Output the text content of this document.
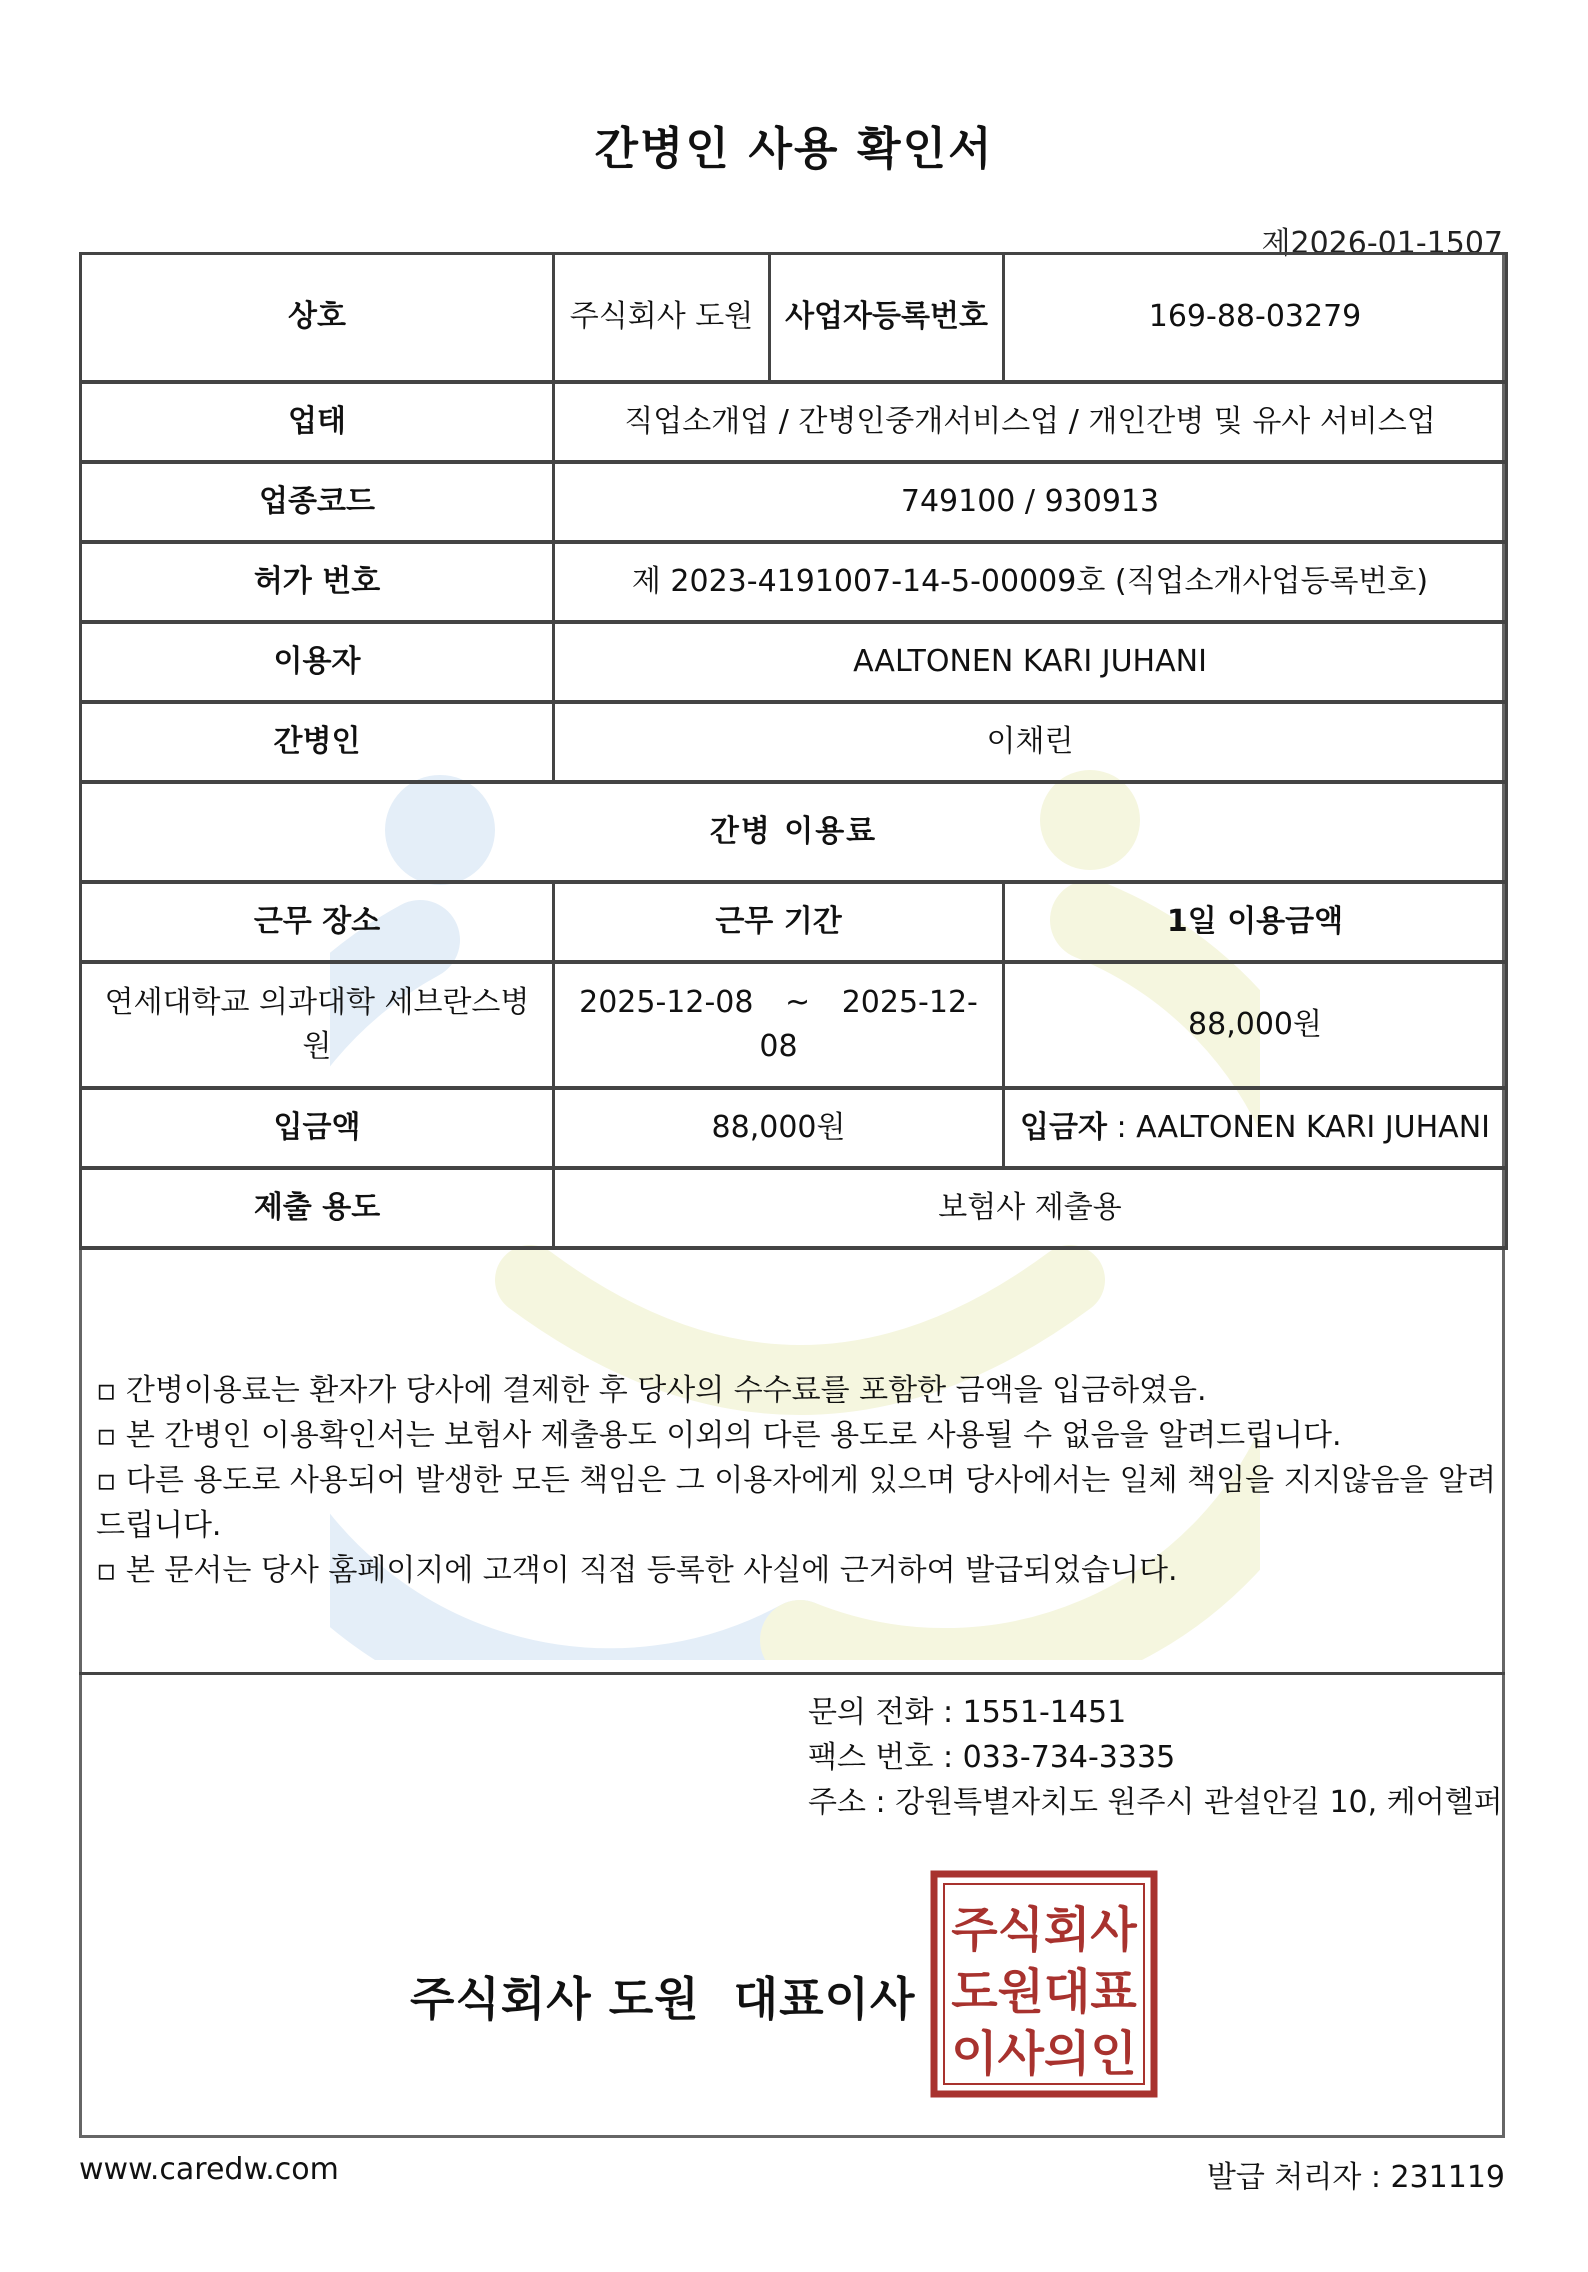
간병인 사용 확인서
제2026-01-1507
상호	주식회사 도원	사업자등록번호	169-88-03279
업태	직업소개업 / 간병인중개서비스업 / 개인간병 및 유사 서비스업		
업종코드	749100 / 930913		
허가 번호	제 2023-4191007-14-5-00009호 (직업소개사업등록번호)		
이용자	AALTONEN KARI JUHANI		
간병인	이채린		
간병 이용료			
근무 장소	근무 기간		1일 이용금액
연세대학교 의과대학 세브란스병원	2025-12-08 ~ 2025-12-08		88,000원
입금액	88,000원		입금자 : AALTONEN KARI JUHANI
제출 용도	보험사 제출용		

▫ 간병이용료는 환자가 당사에 결제한 후 당사의 수수료를 포함한 금액을 입금하였음.

▫ 본 간병인 이용확인서는 보험사 제출용도 이외의 다른 용도로 사용될 수 없음을 알려드립니다.

▫ 다른 용도로 사용되어 발생한 모든 책임은 그 이용자에게 있으며 당사에서는 일체 책임을 지지않음을 알려드립니다.

▫ 본 문서는 당사 홈페이지에 고객이 직접 등록한 사실에 근거하여 발급되었습니다.

문의 전화 : 1551-1451
팩스 번호 : 033-734-3335
주소 : 강원특별자치도 원주시 관설안길 10, 케어헬퍼
주식회사 도원 대표이사
주식회사
도원대표
이사의인
www.caredw.com	발급 처리자 : 231119
